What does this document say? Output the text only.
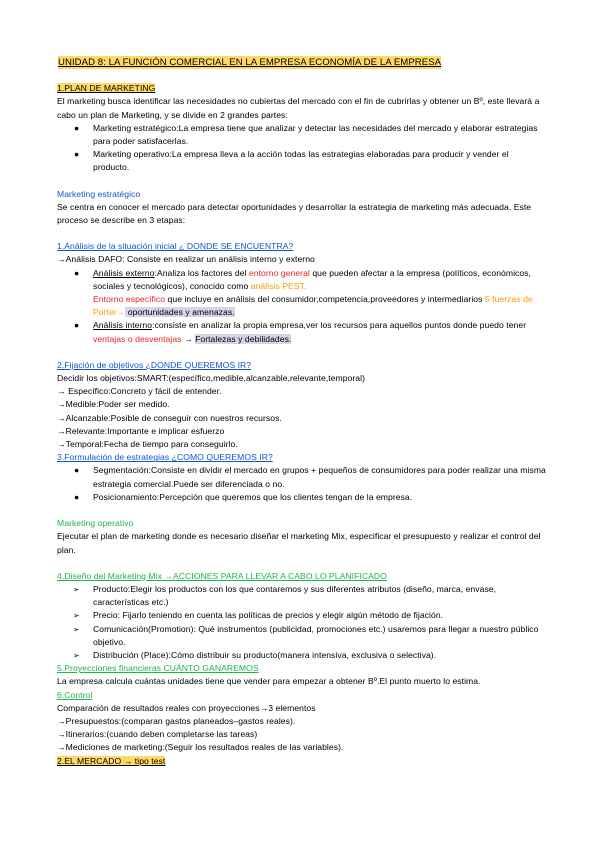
UNIDAD 8: LA FUNCIÓN COMERCIAL EN LA EMPRESA ECONOMÍA DE LA EMPRESA
1.PLAN DE MARKETING

El marketing busca identificar las necesidades no cubiertas del mercado con el fin de cubrirlas y obtener un Bº, este llevará a cabo un plan de Marketing, y se divide en 2 grandes partes:

● Marketing estratégico:La empresa tiene que analizar y detectar las necesidades del mercado y elaborar estrategias para poder satisfacerlas.
● Marketing operativo:La empresa lleva a la acción todas las estrategias elaboradas para producir y vender el producto.
Marketing estratégico

Se centra en conocer el mercado para detectar oportunidades y desarrollar la estrategia de marketing más adecuada. Este proceso se describe en 3 etapas:

1.Análisis de la situación inicial ¿ DONDE SE ENCUENTRA?

→Análisis DAFO: Consiste en realizar un análisis interno y externo

● Análisis externo:Analiza los factores del entorno general que pueden afectar a la empresa (políticos, económicos, sociales y tecnológicos), conocido como análisis PEST.
Entorno específico que incluye en análisis del consumidor,competencia,proveedores y intermediarios 5 fuerzas de Porter→ oportunidades y amenazas.
● Análisis interno:consiste en analizar la propia empresa,ver los recursos para aquellos puntos donde puedo tener ventajas o desventajas → Fortalezas y debilidades.
2.Fijación de objetivos ¿DONDE QUEREMOS IR?

Decidir los objetivos:SMART:(específico,medible,alcanzable,relevante,temporal)

→ Específico:Concreto y fácil de entender.

→Medible:Poder ser medido.

→Alcanzable:Posible de conseguir con nuestros recursos.

→Relevante:Importante e implicar esfuerzo

→Temporal:Fecha de tiempo para conseguirlo.

3.Formulación de estrategias ¿COMO QUEREMOS IR?
● Segmentación:Consiste en dividir el mercado en grupos + pequeños de consumidores para poder realizar una misma estrategia comercial.Puede ser diferenciada o no.
● Posicionamiento:Percepción que queremos que los clientes tengan de la empresa.
Marketing operativo

Ejecutar el plan de marketing donde es necesario diseñar el marketing Mix, especificar el presupuesto y realizar el control del plan.

4.Diseño del Marketing Mix →ACCIONES PARA LLEVAR A CABO LO PLANIFICADO
➢ Producto:Elegir los productos con los que contaremos y sus diferentes atributos (diseño, marca, envase, características etc.)
➢ Precio: Fijarlo teniendo en cuenta las políticas de precios y elegir algún método de fijación.
➢ Comunicación(Promotion): Qué instrumentos (publicidad, promociones etc.) usaremos para llegar a nuestro público objetivo.
➢ Distribución (Place):Cómo distribuir su producto(manera intensiva, exclusiva o selectiva).
5.Proyecciones financieras CUÁNTO GANAREMOS

La empresa calcula cuántas unidades tiene que vender para empezar a obtener Bº.El punto muerto lo estima.

6.Control

Comparación de resultados reales con proyecciones→3 elementos

→Presupuestos:(comparan gastos planeados–gastos reales).

→Itinerarios:(cuando deben completarse las tareas)

→Mediciones de marketing:(Seguir los resultados reales de las variables).

2.EL MERCADO → tipo test
